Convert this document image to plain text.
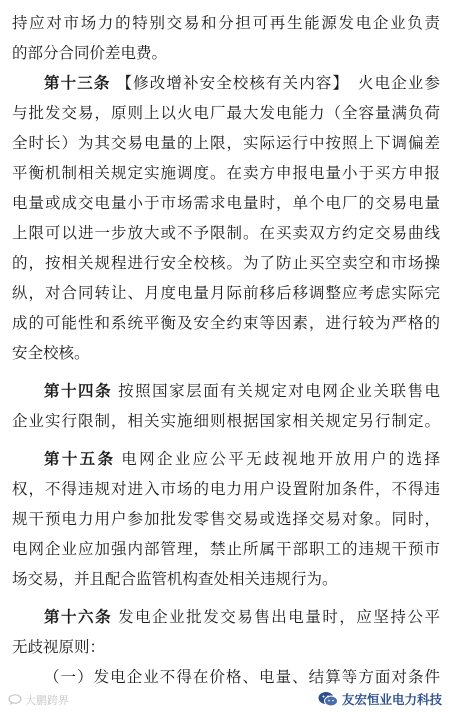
持应对市场力的特别交易和分担可再生能源发电企业负责
的部分合同价差电费。
第十三条 【修改增补安全校核有关内容】　火电企业参
与批发交易，原则上以火电厂最大发电能力（全容量满负荷
全时长）为其交易电量的上限，实际运行中按照上下调偏差
平衡机制相关规定实施调度。在卖方申报电量小于买方申报
电量或成交电量小于市场需求电量时，单个电厂的交易电量
上限可以进一步放大或不予限制。在买卖双方约定交易曲线
的，按相关规程进行安全校核。为了防止买空卖空和市场操
纵，对合同转让、月度电量月际前移后移调整应考虑实际完
成的可能性和系统平衡及安全约束等因素，进行较为严格的
安全校核。
第十四条 按照国家层面有关规定对电网企业关联售电
企业实行限制，相关实施细则根据国家相关规定另行制定。
第十五条 电网企业应公平无歧视地开放用户的选择
权，不得违规对进入市场的电力用户设置附加条件，不得违
规干预电力用户参加批发零售交易或选择交易对象。同时，
电网企业应加强内部管理，禁止所属干部职工的违规干预市
场交易，并且配合监管机构查处相关违规行为。
第十六条 发电企业批发交易售出电量时，应坚持公平
无歧视原则：
（一）发电企业不得在价格、电量、结算等方面对条件
大鹏跨界	友宏恒业电力科技
